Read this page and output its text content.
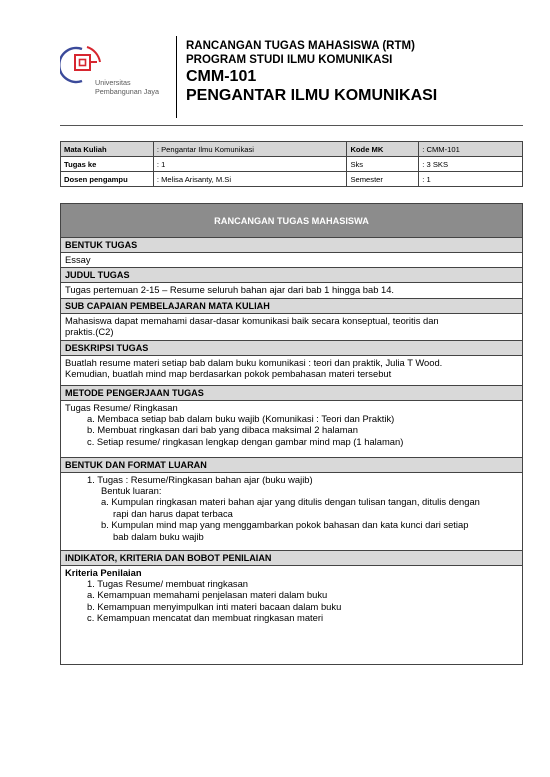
Universitas
Pembangunan Jaya
RANCANGAN TUGAS MAHASISWA (RTM)
PROGRAM STUDI ILMU KOMUNIKASI
CMM-101
PENGANTAR ILMU KOMUNIKASI
Mata Kuliah	: Pengantar Ilmu Komunikasi	Kode MK	: CMM-101
Tugas ke	: 1	Sks	: 3 SKS
Dosen pengampu	: Melisa Arisanty, M.Si	Semester	: 1
RANCANGAN TUGAS MAHASISWA
BENTUK TUGAS
Essay
JUDUL TUGAS
Tugas pertemuan 2-15 – Resume seluruh bahan ajar dari bab 1 hingga bab 14.
SUB CAPAIAN PEMBELAJARAN MATA KULIAH
Mahasiswa dapat memahami dasar-dasar komunikasi baik secara konseptual, teoritis dan
praktis.(C2)
DESKRIPSI TUGAS
Buatlah resume materi setiap bab dalam buku komunikasi : teori dan praktik, Julia T Wood.
Kemudian, buatlah mind map berdasarkan pokok pembahasan materi tersebut
METODE PENGERJAAN TUGAS
Tugas Resume/ Ringkasan
a. Membaca setiap bab dalam buku wajib (Komunikasi : Teori dan Praktik)
b. Membuat ringkasan dari bab yang dibaca maksimal 2 halaman
c. Setiap resume/ ringkasan lengkap dengan gambar mind map (1 halaman)
BENTUK DAN FORMAT LUARAN
1. Tugas : Resume/Ringkasan bahan ajar (buku wajib)
Bentuk luaran:
a. Kumpulan ringkasan materi bahan ajar yang ditulis dengan tulisan tangan, ditulis dengan
rapi dan harus dapat terbaca
b. Kumpulan mind map yang menggambarkan pokok bahasan dan kata kunci dari setiap
bab dalam buku wajib
INDIKATOR, KRITERIA DAN BOBOT PENILAIAN
Kriteria Penilaian
1. Tugas Resume/ membuat ringkasan
a. Kemampuan memahami penjelasan materi dalam buku
b. Kemampuan menyimpulkan inti materi bacaan dalam buku
c. Kemampuan mencatat dan membuat ringkasan materi
